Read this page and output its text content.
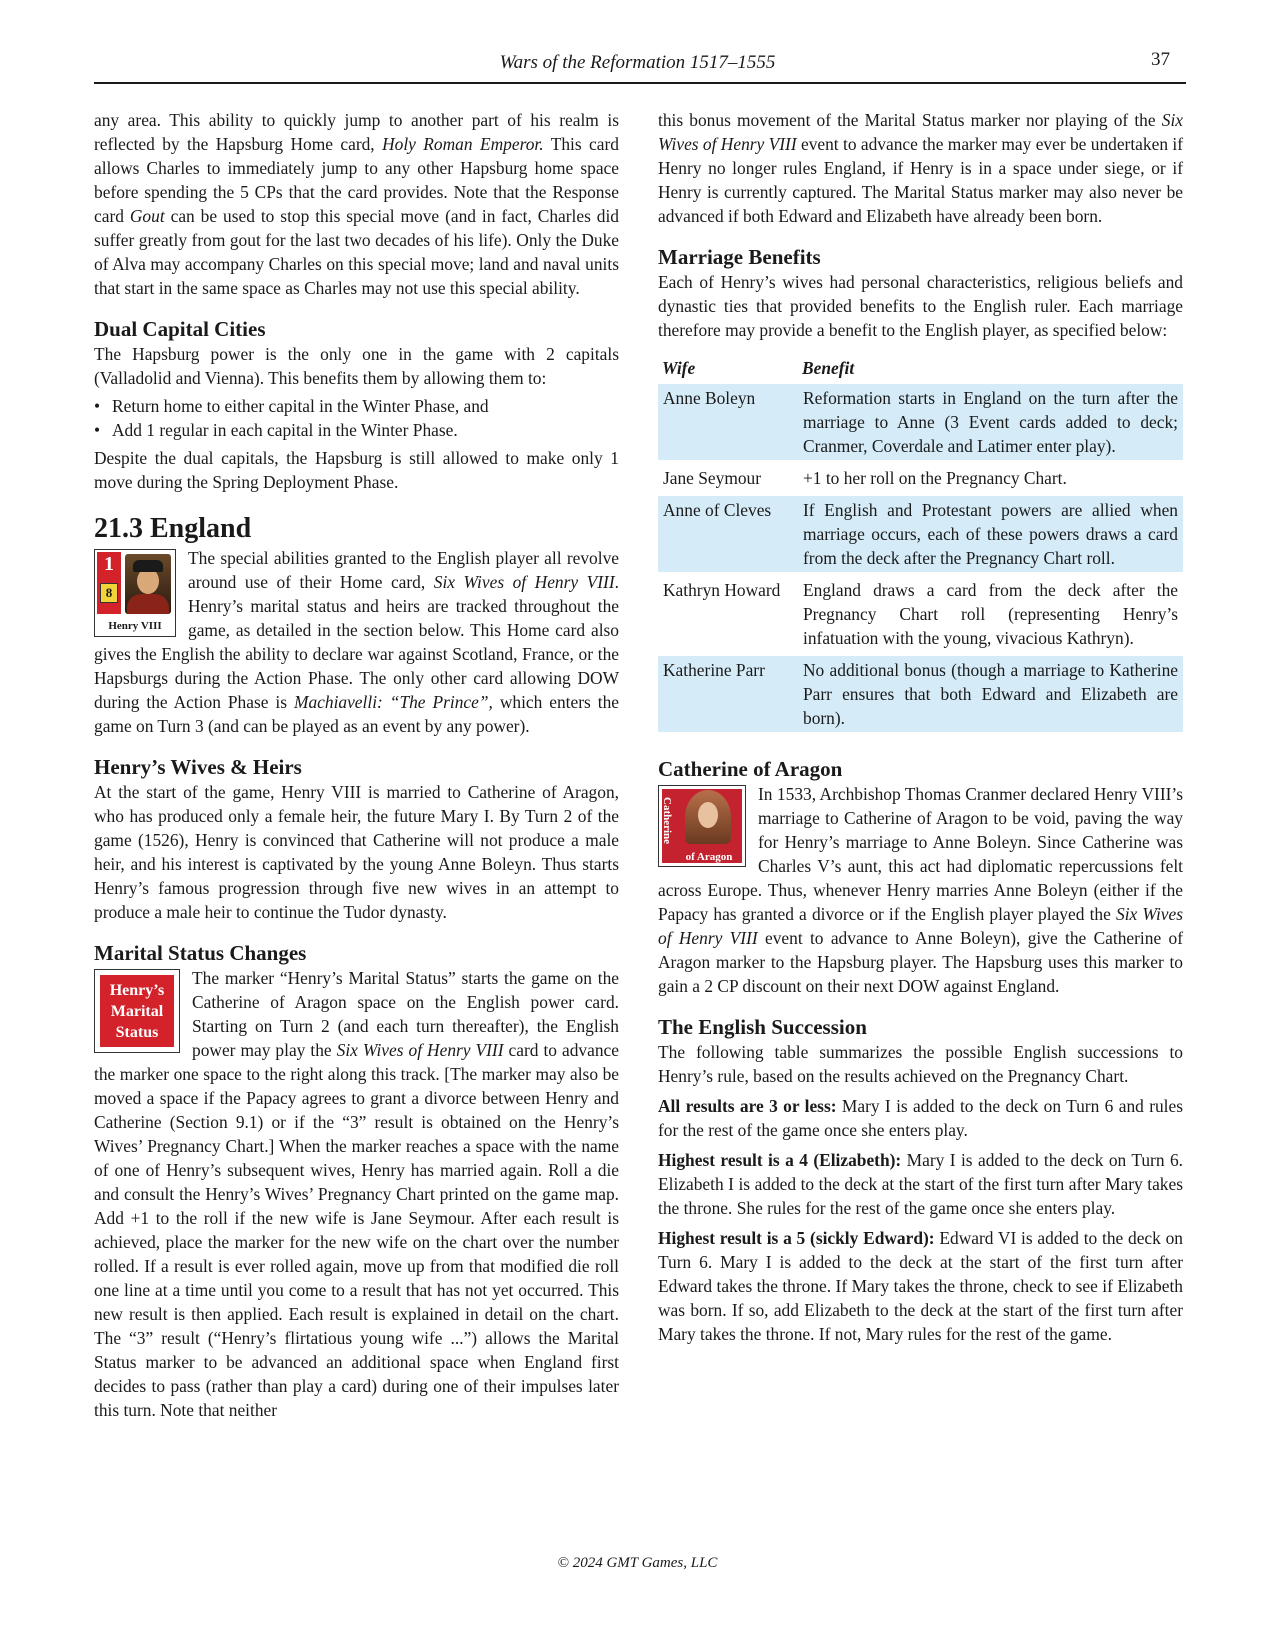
Wars of the Reformation 1517–1555	37

any area. This ability to quickly jump to another part of his realm is reflected by the Hapsburg Home card, Holy Roman Emperor. This card allows Charles to immediately jump to any other Hapsburg home space before spending the 5 CPs that the card provides. Note that the Response card Gout can be used to stop this special move (and in fact, Charles did suffer greatly from gout for the last two decades of his life). Only the Duke of Alva may accompany Charles on this special move; land and naval units that start in the same space as Charles may not use this special ability.

Dual Capital Cities

The Hapsburg power is the only one in the game with 2 capitals (Valladolid and Vienna). This benefits them by allowing them to:

• Return home to either capital in the Winter Phase, and
• Add 1 regular in each capital in the Winter Phase.

Despite the dual capitals, the Hapsburg is still allowed to make only 1 move during the Spring Deployment Phase.

21.3 England
1
8
Henry VIII

The special abilities granted to the English player all revolve around use of their Home card, Six Wives of Henry VIII. Henry’s marital status and heirs are tracked throughout the game, as detailed in the section below. This Home card also gives the English the ability to declare war against Scotland, France, or the Hapsburgs during the Action Phase. The only other card allowing DOW during the Action Phase is Machiavelli: “The Prince”, which enters the game on Turn 3 (and can be played as an event by any power).

Henry’s Wives & Heirs

At the start of the game, Henry VIII is married to Catherine of Aragon, who has produced only a female heir, the future Mary I. By Turn 2 of the game (1526), Henry is convinced that Catherine will not produce a male heir, and his interest is captivated by the young Anne Boleyn. Thus starts Henry’s famous progression through five new wives in an attempt to produce a male heir to continue the Tudor dynasty.

Marital Status Changes
Henry’s
Marital
Status

The marker “Henry’s Marital Status” starts the game on the Catherine of Aragon space on the English power card. Starting on Turn 2 (and each turn thereafter), the English power may play the Six Wives of Henry VIII card to advance the marker one space to the right along this track. [The marker may also be moved a space if the Papacy agrees to grant a divorce between Henry and Catherine (Section 9.1) or if the “3” result is obtained on the Henry’s Wives’ Pregnancy Chart.] When the marker reaches a space with the name of one of Henry’s subsequent wives, Henry has married again. Roll a die and consult the Henry’s Wives’ Pregnancy Chart printed on the game map. Add +1 to the roll if the new wife is Jane Seymour. After each result is achieved, place the marker for the new wife on the chart over the number rolled. If a result is ever rolled again, move up from that modified die roll one line at a time until you come to a result that has not yet occurred. This new result is then applied. Each result is explained in detail on the chart. The “3” result (“Henry’s flirtatious young wife ...”) allows the Marital Status marker to be advanced an additional space when England first decides to pass (rather than play a card) during one of their impulses later this turn. Note that neither

this bonus movement of the Marital Status marker nor playing of the Six Wives of Henry VIII event to advance the marker may ever be undertaken if Henry no longer rules England, if Henry is in a space under siege, or if Henry is currently captured. The Marital Status marker may also never be advanced if both Edward and Elizabeth have already been born.

Marriage Benefits

Each of Henry’s wives had personal characteristics, religious beliefs and dynastic ties that provided benefits to the English ruler. Each marriage therefore may provide a benefit to the English player, as specified below:

Wife	Benefit
Anne Boleyn	Reformation starts in England on the turn after the marriage to Anne (3 Event cards added to deck; Cranmer, Coverdale and Latimer enter play).
Jane Seymour	+1 to her roll on the Pregnancy Chart.
Anne of Cleves	If English and Protestant powers are allied when marriage occurs, each of these powers draws a card from the deck after the Pregnancy Chart roll.
Kathryn Howard	England draws a card from the deck after the Pregnancy Chart roll (representing Henry’s infatuation with the young, vivacious Kathryn).
Katherine Parr	No additional bonus (though a marriage to Katherine Parr ensures that both Edward and Elizabeth are born).
Catherine of Aragon
Catherine
of Aragon

In 1533, Archbishop Thomas Cranmer declared Henry VIII’s marriage to Catherine of Aragon to be void, paving the way for Henry’s marriage to Anne Boleyn. Since Catherine was Charles V’s aunt, this act had diplomatic repercussions felt across Europe. Thus, whenever Henry marries Anne Boleyn (either if the Papacy has granted a divorce or if the English player played the Six Wives of Henry VIII event to advance to Anne Boleyn), give the Catherine of Aragon marker to the Hapsburg player. The Hapsburg uses this marker to gain a 2 CP discount on their next DOW against England.

The English Succession

The following table summarizes the possible English successions to Henry’s rule, based on the results achieved on the Pregnancy Chart.

All results are 3 or less: Mary I is added to the deck on Turn 6 and rules for the rest of the game once she enters play.

Highest result is a 4 (Elizabeth): Mary I is added to the deck on Turn 6. Elizabeth I is added to the deck at the start of the first turn after Mary takes the throne. She rules for the rest of the game once she enters play.

Highest result is a 5 (sickly Edward): Edward VI is added to the deck on Turn 6. Mary I is added to the deck at the start of the first turn after Edward takes the throne. If Mary takes the throne, check to see if Elizabeth was born. If so, add Elizabeth to the deck at the start of the first turn after Mary takes the throne. If not, Mary rules for the rest of the game.

© 2024 GMT Games, LLC
